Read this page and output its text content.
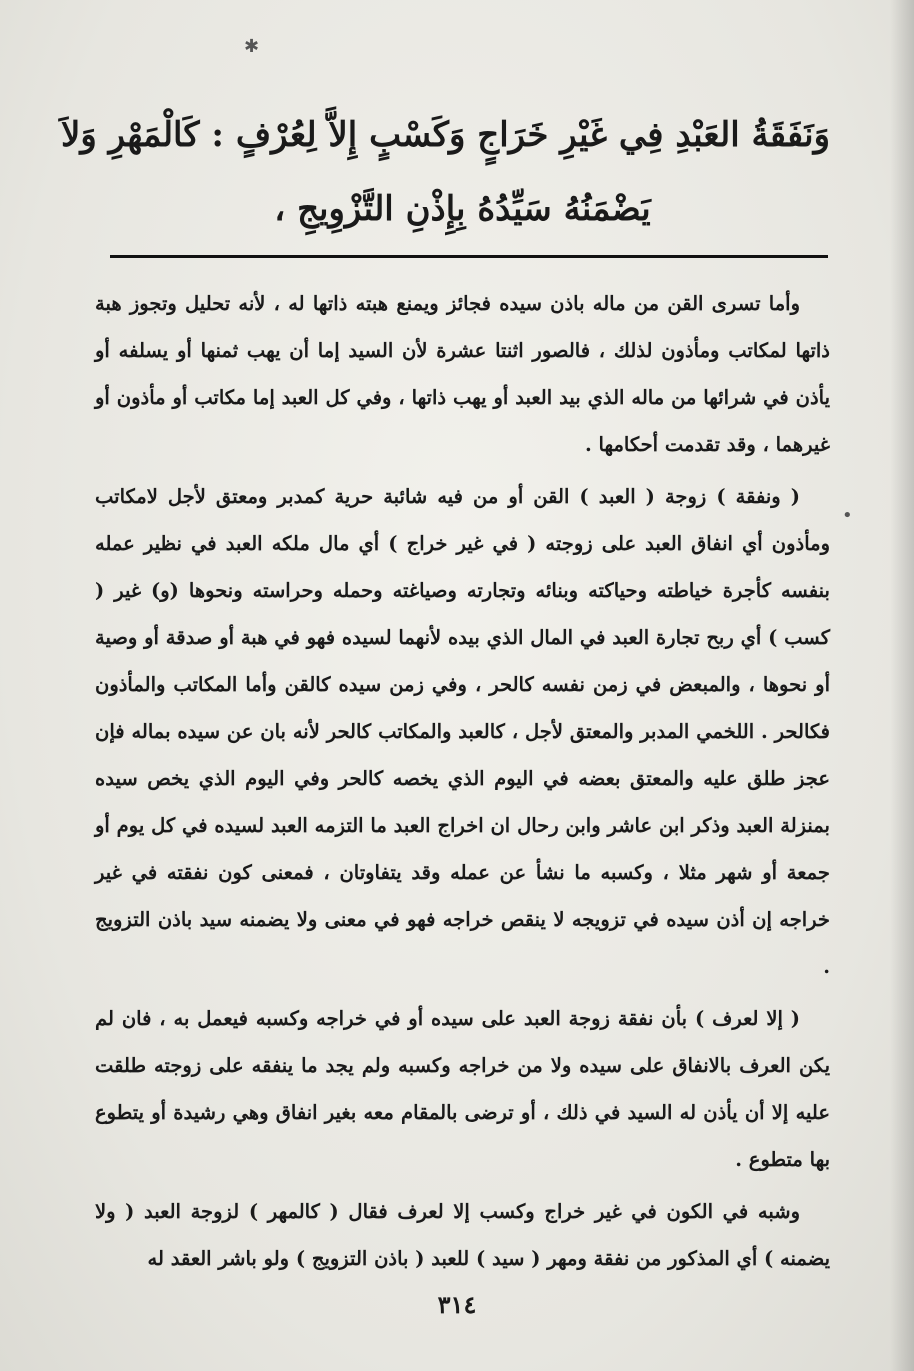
✱
•
وَنَفَقَةُ العَبْدِ فِي غَيْرِ خَرَاجٍ وَكَسْبٍ إِلاَّ لِعُرْفٍ : كَالْمَهْرِ وَلاَ
يَضْمَنُهُ سَيِّدُهُ بِإِذْنِ التَّزْوِيجِ ،

وأما تسرى القن من ماله باذن سيده فجائز ويمنع هبته ذاتها له ، لأنه تحليل وتجوز هبة ذاتها لمكاتب ومأذون لذلك ، فالصور اثنتا عشرة لأن السيد إما أن يهب ثمنها أو يسلفه أو يأذن في شرائها من ماله الذي بيد العبد أو يهب ذاتها ، وفي كل العبد إما مكاتب أو مأذون أو غيرهما ، وقد تقدمت أحكامها .

( ونفقة ) زوجة ( العبد ) القن أو من فيه شائبة حرية كمدبر ومعتق لأجل لامكاتب ومأذون أي انفاق العبد على زوجته ( في غير خراج ) أي مال ملكه العبد في نظير عمله بنفسه كأجرة خياطته وحياكته وبنائه وتجارته وصياغته وحمله وحراسته ونحوها (و) غير ( كسب ) أي ربح تجارة العبد في المال الذي بيده لأنهما لسيده فهو في هبة أو صدقة أو وصية أو نحوها ، والمبعض في زمن نفسه كالحر ، وفي زمن سيده كالقن وأما المكاتب والمأذون فكالحر . اللخمي المدبر والمعتق لأجل ، كالعبد والمكاتب كالحر لأنه بان عن سيده بماله فإن عجز طلق عليه والمعتق بعضه في اليوم الذي يخصه كالحر وفي اليوم الذي يخص سيده بمنزلة العبد وذكر ابن عاشر وابن رحال ان اخراج العبد ما التزمه العبد لسيده في كل يوم أو جمعة أو شهر مثلا ، وكسبه ما نشأ عن عمله وقد يتفاوتان ، فمعنى كون نفقته في غير خراجه إن أذن سيده في تزويجه لا ينقص خراجه فهو في معنى ولا يضمنه سيد باذن التزويج .

( إلا لعرف ) بأن نفقة زوجة العبد على سيده أو في خراجه وكسبه فيعمل به ، فان لم يكن العرف بالانفاق على سيده ولا من خراجه وكسبه ولم يجد ما ينفقه على زوجته طلقت عليه إلا أن يأذن له السيد في ذلك ، أو ترضى بالمقام معه بغير انفاق وهي رشيدة أو يتطوع بها متطوع .

وشبه في الكون في غير خراج وكسب إلا لعرف فقال ( كالمهر ) لزوجة العبد ( ولا يضمنه ) أي المذكور من نفقة ومهر ( سيد ) للعبد ( باذن التزويج ) ولو باشر العقد له

٣١٤
